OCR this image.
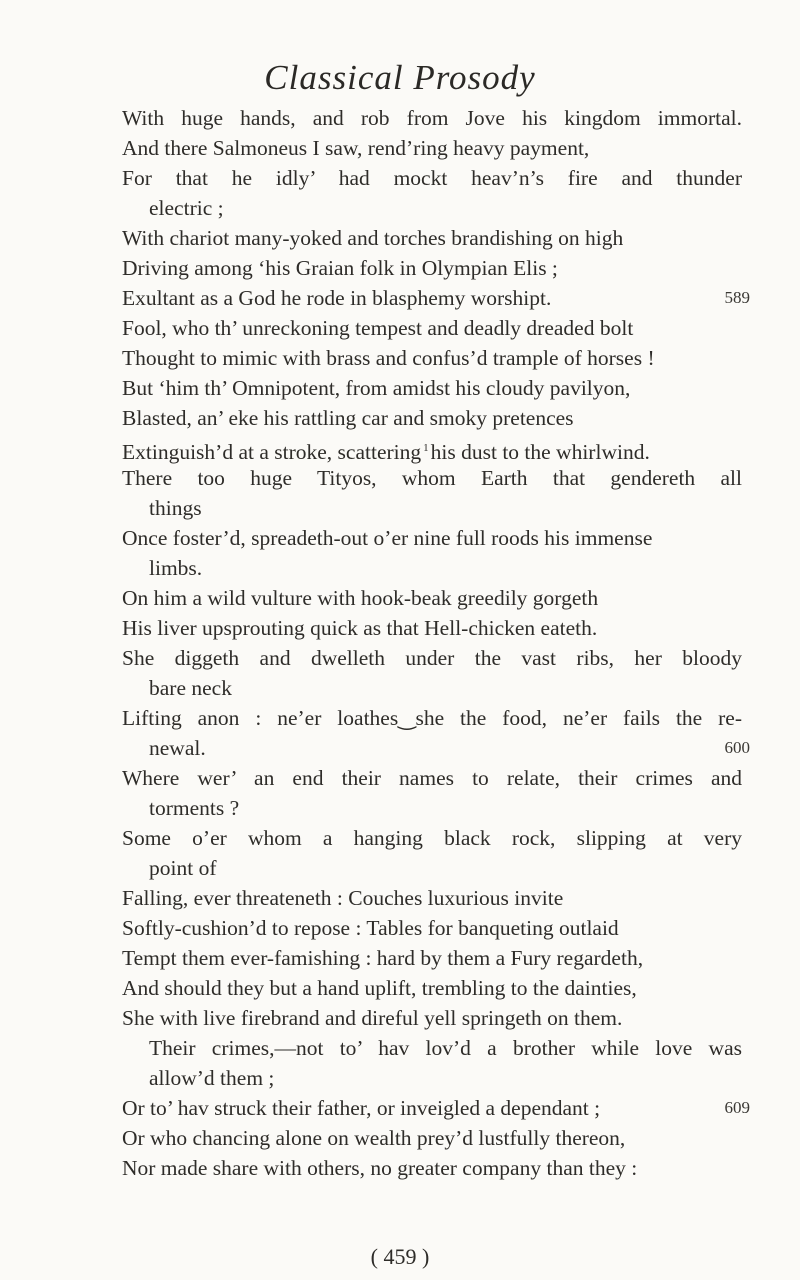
Classical Prosody
With huge hands, and rob from Jove his kingdom immortal.
And there Salmoneus I saw, rend’ring heavy payment,
For that he idly’ had mockt heav’n’s fire and thunder
electric ;
With chariot many-yoked and torches brandishing on high
Driving among ‘his Graian folk in Olympian Elis ;
Exultant as a God he rode in blasphemy worshipt.	589
Fool, who th’ unreckoning tempest and deadly dreaded bolt
Thought to mimic with brass and confus’d trample of horses !
But ‘him th’ Omnipotent, from amidst his cloudy pavilyon,
Blasted, an’ eke his rattling car and smoky pretences
Extinguish’d at a stroke, scattering $^1$his dust to the whirlwind.
There too huge Tityos, whom Earth that gendereth all
things
Once foster’d, spreadeth-out o’er nine full roods his immense
limbs.
On him a wild vulture with hook-beak greedily gorgeth
His liver upsprouting quick as that Hell-chicken eateth.
She diggeth and dwelleth under the vast ribs, her bloody
bare neck
Lifting anon : ne’er loathes‿she the food, ne’er fails the re-
newal.	600
Where wer’ an end their names to relate, their crimes and
torments ?
Some o’er whom a hanging black rock, slipping at very
point of
Falling, ever threateneth : Couches luxurious invite
Softly-cushion’d to repose : Tables for banqueting outlaid
Tempt them ever-famishing : hard by them a Fury regardeth,
And should they but a hand uplift, trembling to the dainties,
She with live firebrand and direful yell springeth on them.
Their crimes,—not to’ hav lov’d a brother while love was
allow’d them ;
Or to’ hav struck their father, or inveigled a dependant ;	609
Or who chancing alone on wealth prey’d lustfully thereon,
Nor made share with others, no greater company than they :
( 459 )
